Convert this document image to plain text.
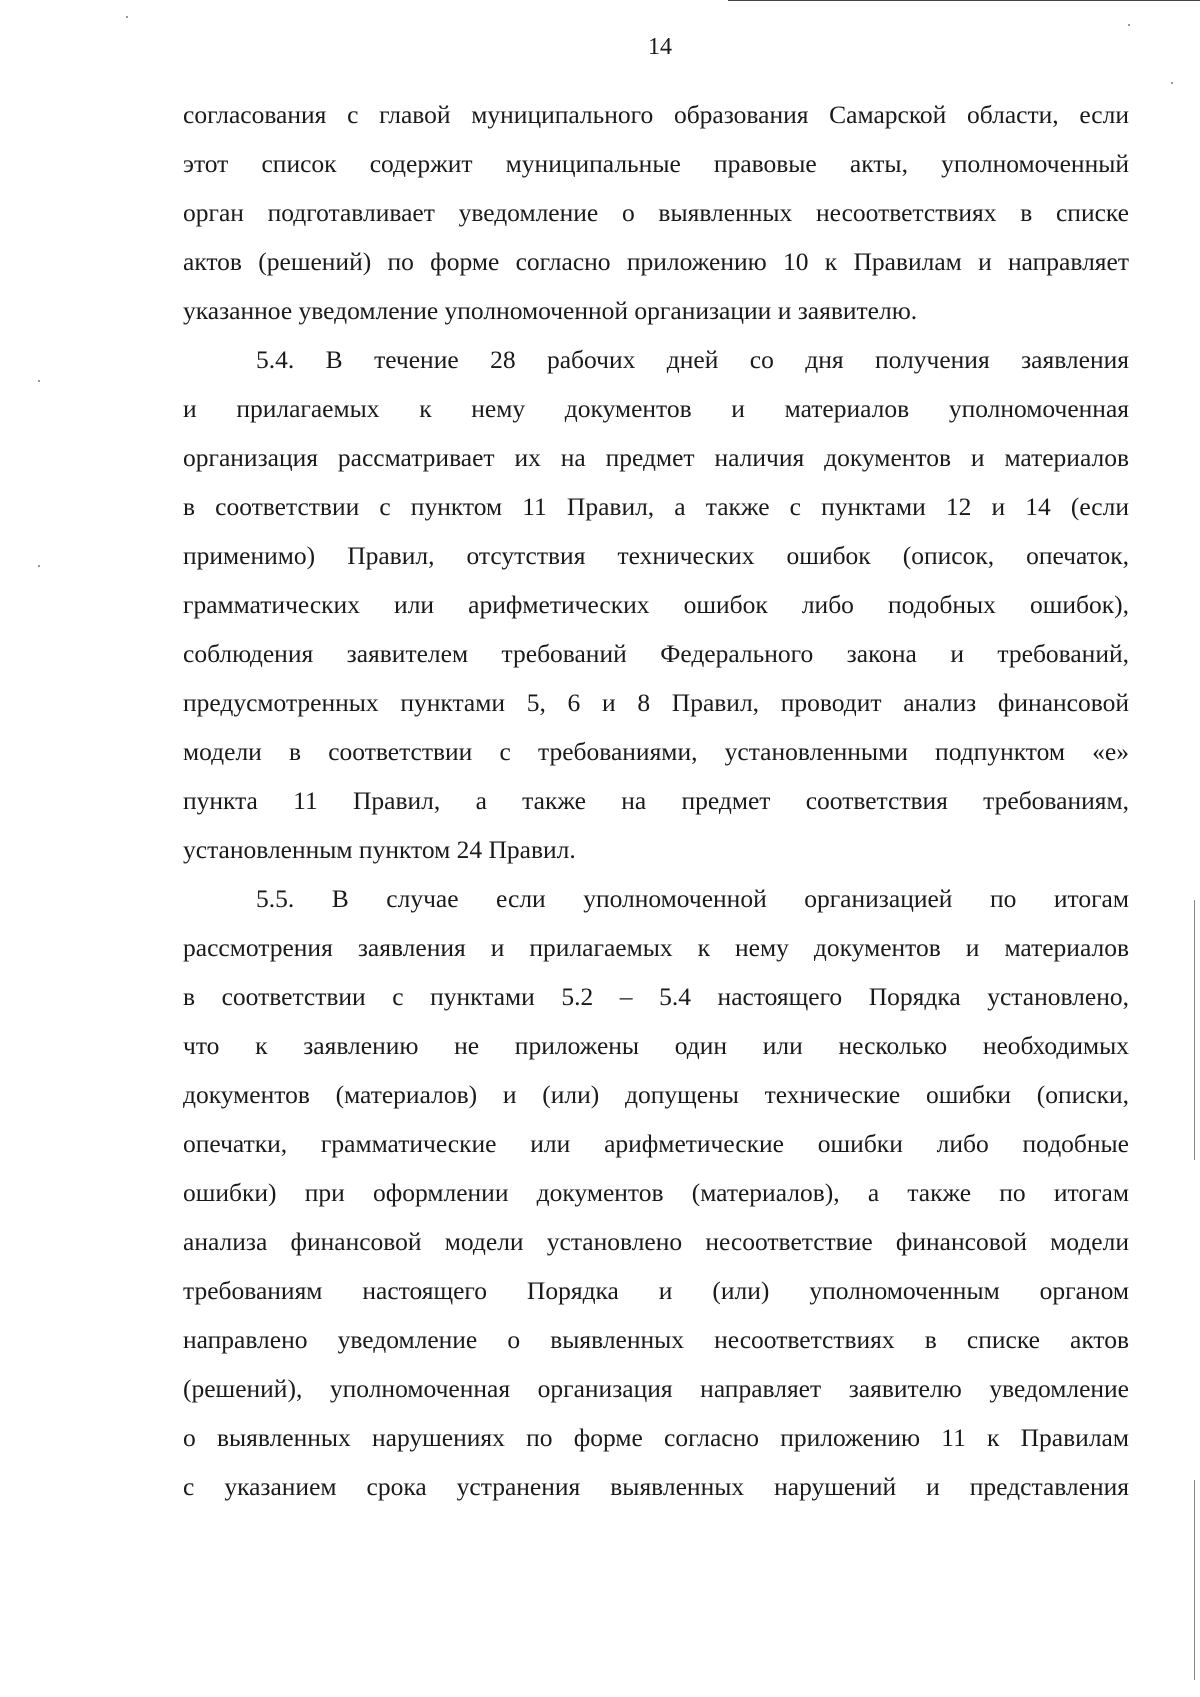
14
согласования с главой муниципального образования Самарской области, если
этот список содержит муниципальные правовые акты, уполномоченный
орган подготавливает уведомление о выявленных несоответствиях в списке
актов (решений) по форме согласно приложению 10 к Правилам и направляет
указанное уведомление уполномоченной организации и заявителю.
5.4. В течение 28 рабочих дней со дня получения заявления
и прилагаемых к нему документов и материалов уполномоченная
организация рассматривает их на предмет наличия документов и материалов
в соответствии с пунктом 11 Правил, а также с пунктами 12 и 14 (если
применимо) Правил, отсутствия технических ошибок (описок, опечаток,
грамматических или арифметических ошибок либо подобных ошибок),
соблюдения заявителем требований Федерального закона и требований,
предусмотренных пунктами 5, 6 и 8 Правил, проводит анализ финансовой
модели в соответствии с требованиями, установленными подпунктом «е»
пункта 11 Правил, а также на предмет соответствия требованиям,
установленным пунктом 24 Правил.
5.5. В случае если уполномоченной организацией по итогам
рассмотрения заявления и прилагаемых к нему документов и материалов
в соответствии с пунктами 5.2 – 5.4 настоящего Порядка установлено,
что к заявлению не приложены один или несколько необходимых
документов (материалов) и (или) допущены технические ошибки (описки,
опечатки, грамматические или арифметические ошибки либо подобные
ошибки) при оформлении документов (материалов), а также по итогам
анализа финансовой модели установлено несоответствие финансовой модели
требованиям настоящего Порядка и (или) уполномоченным органом
направлено уведомление о выявленных несоответствиях в списке актов
(решений), уполномоченная организация направляет заявителю уведомление
о выявленных нарушениях по форме согласно приложению 11 к Правилам
с указанием срока устранения выявленных нарушений и представления
